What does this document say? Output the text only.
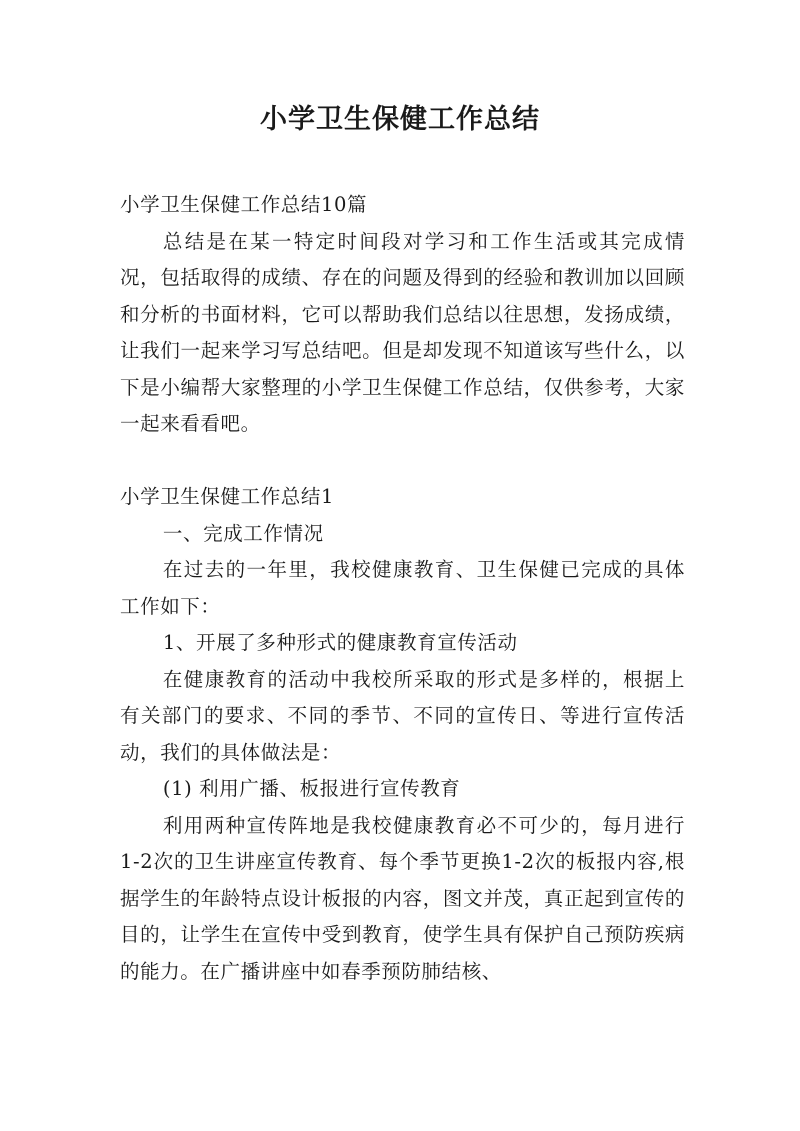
小学卫生保健工作总结

小学卫生保健工作总结10篇

总结是在某一特定时间段对学习和工作生活或其完成情况，包括取得的成绩、存在的问题及得到的经验和教训加以回顾和分析的书面材料，它可以帮助我们总结以往思想，发扬成绩，让我们一起来学习写总结吧。但是却发现不知道该写些什么，以下是小编帮大家整理的小学卫生保健工作总结，仅供参考，大家一起来看看吧。

小学卫生保健工作总结1

一、完成工作情况

在过去的一年里，我校健康教育、卫生保健已完成的具体工作如下：

1、开展了多种形式的健康教育宣传活动

在健康教育的活动中我校所采取的形式是多样的，根据上有关部门的要求、不同的季节、不同的宣传日、等进行宣传活动，我们的具体做法是：

(1) 利用广播、板报进行宣传教育

利用两种宣传阵地是我校健康教育必不可少的，每月进行1-2次的卫生讲座宣传教育、每个季节更换1-2次的板报内容,根据学生的年龄特点设计板报的内容，图文并茂，真正起到宣传的目的，让学生在宣传中受到教育，使学生具有保护自己预防疾病的能力。在广播讲座中如春季预防肺结核、
